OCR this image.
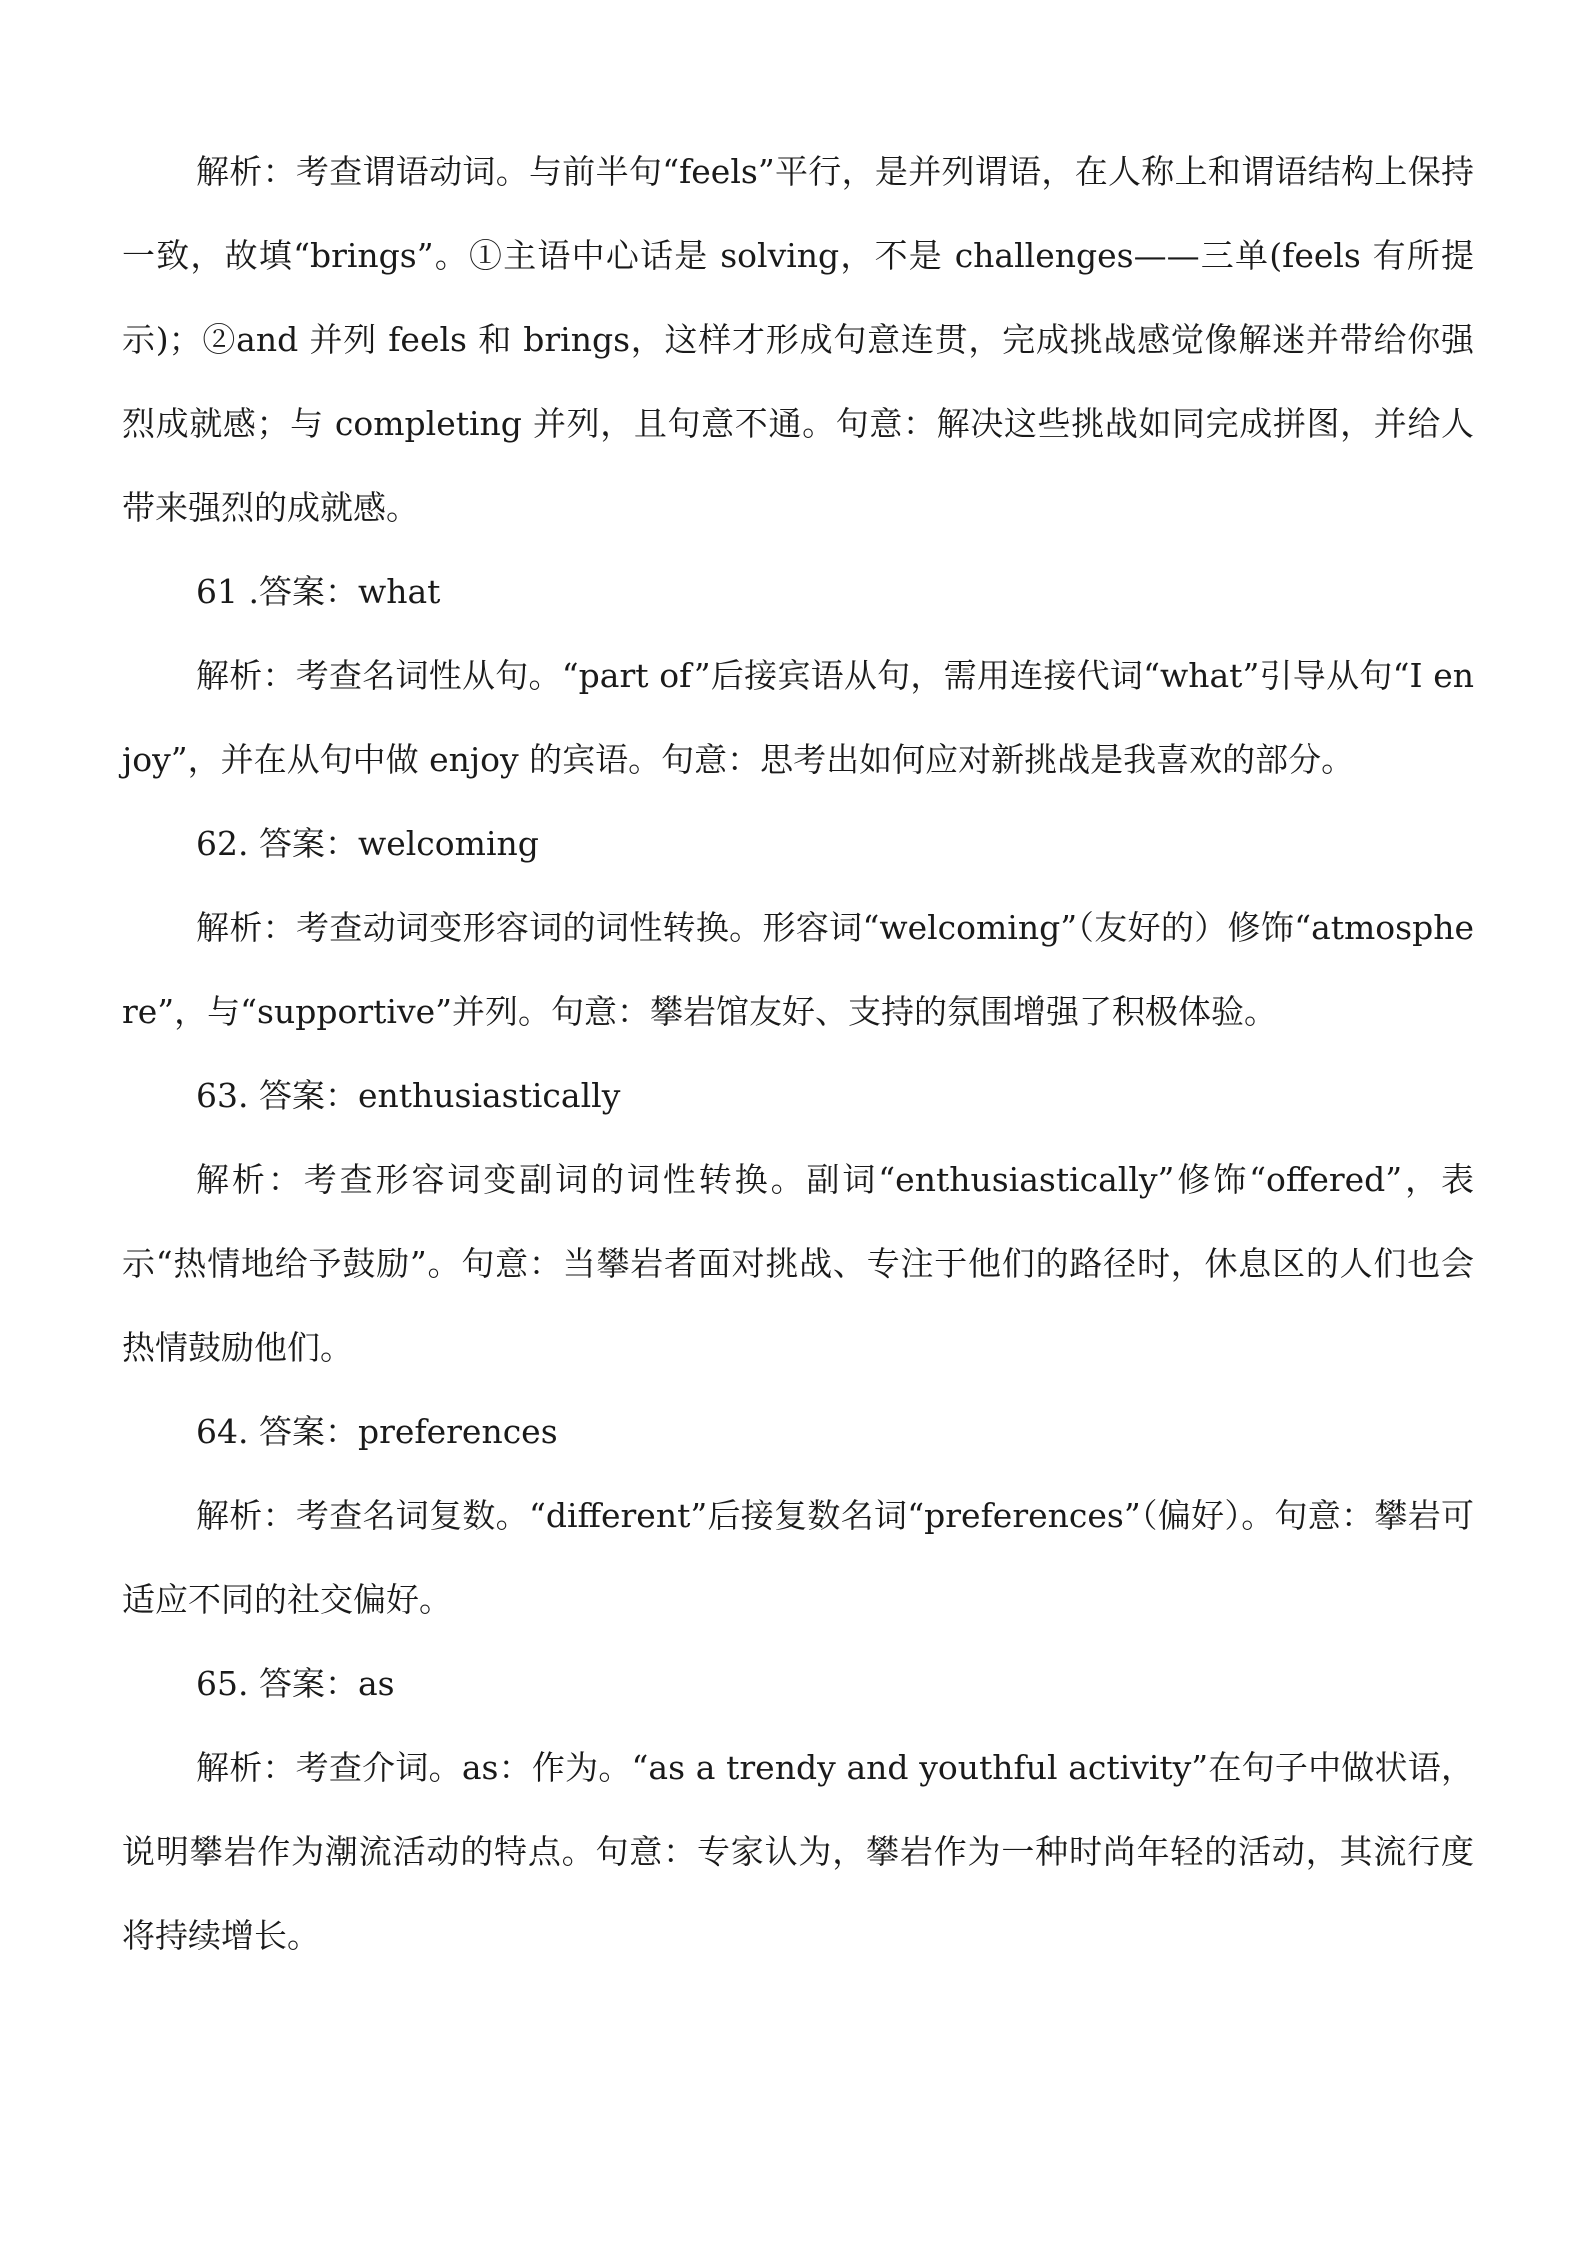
解析：考查谓语动词。与前半句“feels”平行，是并列谓语，在人称上和谓语结构上保持一致，故填“brings”。①主语中心话是 solving，不是 challenges——三单(feels 有所提示)；②and 并列 feels 和 brings，这样才形成句意连贯，完成挑战感觉像解迷并带给你强烈成就感；与 completing 并列，且句意不通。句意：解决这些挑战如同完成拼图，并给人带来强烈的成就感。

61 .答案：what

解析：考查名词性从句。“part of”后接宾语从句，需用连接代词“what”引导从句“I enjoy”，并在从句中做 enjoy 的宾语。句意：思考出如何应对新挑战是我喜欢的部分。

62. 答案：welcoming

解析：考查动词变形容词的词性转换。形容词“welcoming”（友好的）修饰“atmosphere”，与“supportive”并列。句意：攀岩馆友好、支持的氛围增强了积极体验。

63. 答案：enthusiastically

解析：考查形容词变副词的词性转换。副词“enthusiastically”修饰“offered”，表示“热情地给予鼓励”。句意：当攀岩者面对挑战、专注于他们的路径时，休息区的人们也会热情鼓励他们。

64. 答案：preferences

解析：考查名词复数。“different”后接复数名词“preferences”（偏好）。句意：攀岩可适应不同的社交偏好。

65. 答案：as

解析：考查介词。as：作为。“as a trendy and youthful activity”在句子中做状语，说明攀岩作为潮流活动的特点。句意：专家认为，攀岩作为一种时尚年轻的活动，其流行度将持续增长。
